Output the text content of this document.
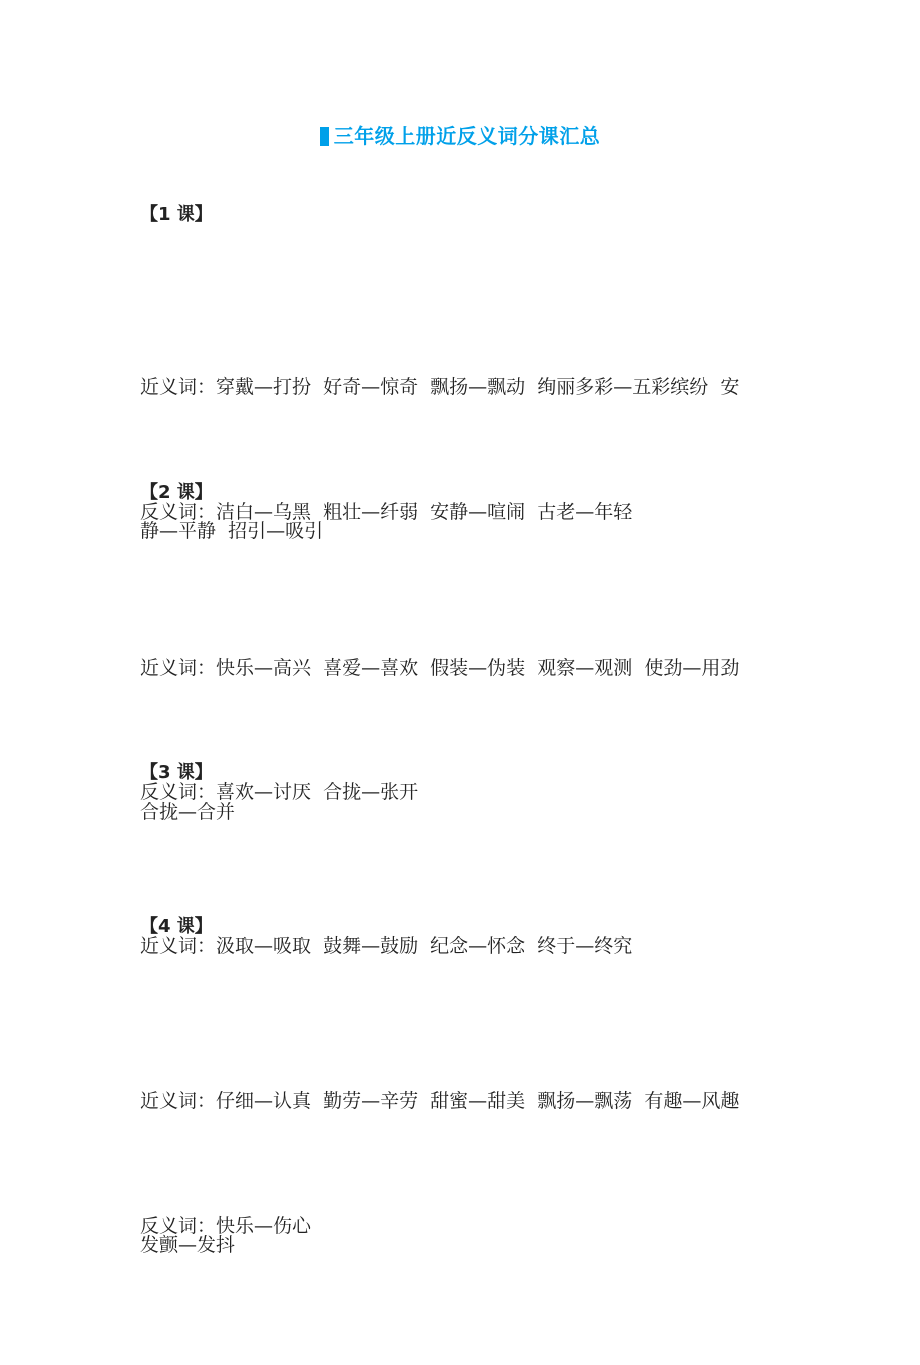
三年级上册近反义词分课汇总
【1 课】

近义词：穿戴—打扮  好奇—惊奇  飘扬—飘动  绚丽多彩—五彩缤纷  安

静—平静  招引—吸引

反义词：洁白—乌黑  粗壮—纤弱  安静—喧闹  古老—年轻

【2 课】

近义词：快乐—高兴  喜爱—喜欢  假装—伪装  观察—观测  使劲—用劲

合拢—合并

反义词：喜欢—讨厌  合拢—张开

【3 课】

近义词：汲取—吸取  鼓舞—鼓励  纪念—怀念  终于—终究

【4 课】

近义词：仔细—认真  勤劳—辛劳  甜蜜—甜美  飘扬—飘荡  有趣—风趣

发颤—发抖

反义词：快乐—伤心
